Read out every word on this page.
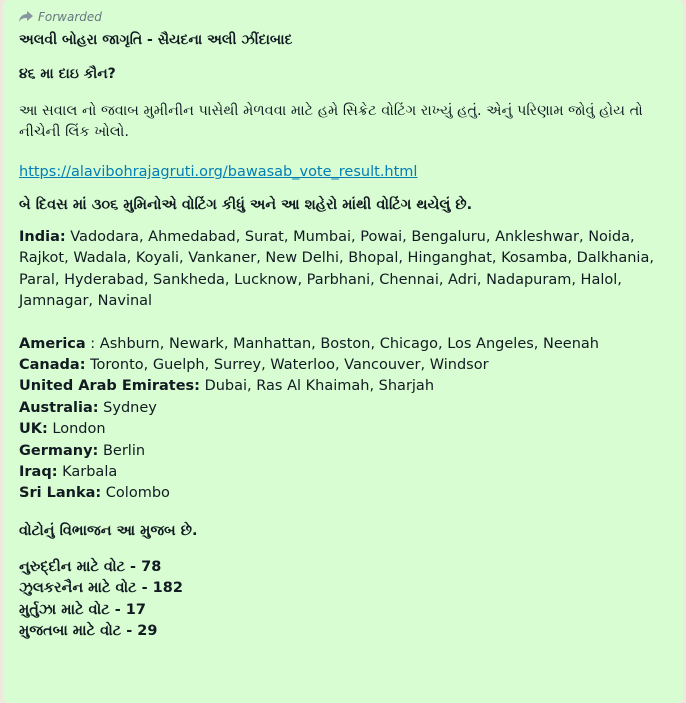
Forwarded
અલવી બોહરા જાગૃતિ - સૈયદના અલી ઝીંદાબાદ
૪૬ મા દાઇ કૌન?
આ સવાલ નો જવાબ મુમીનીન પાસેથી મેળવવા માટે હમે સિક્રેટ વોટિંગ રાખ્યું હતું. એનું પરિણામ જોવું હોય તો નીચેની લિંક ખોલો.
https://alavibohrajagruti.org/bawasab_vote_result.html
બે દિવસ માં ૩૦૬ મુમિનોએ વોટિંગ કીધું અને આ શહેરો માંથી વોટિંગ થયેલું છે.
India: Vadodara, Ahmedabad, Surat, Mumbai, Powai, Bengaluru, Ankleshwar, Noida, Rajkot, Wadala, Koyali, Vankaner, New Delhi, Bhopal, Hinganghat, Kosamba, Dalkhania, Paral, Hyderabad, Sankheda, Lucknow, Parbhani, Chennai, Adri, Nadapuram, Halol, Jamnagar, Navinal
America : Ashburn, Newark, Manhattan, Boston, Chicago, Los Angeles, Neenah
Canada: Toronto, Guelph, Surrey, Waterloo, Vancouver, Windsor
United Arab Emirates: Dubai, Ras Al Khaimah, Sharjah
Australia: Sydney
UK: London
Germany: Berlin
Iraq: Karbala
Sri Lanka: Colombo
વોટોનું વિભાજન આ મુજબ છે.
નુરુદ્દીન માટે વોટ - 78
ઝુલકરનૈન માટે વોટ - 182
મુર્તુઝા માટે વોટ - 17
મુજતબા માટે વોટ - 29
